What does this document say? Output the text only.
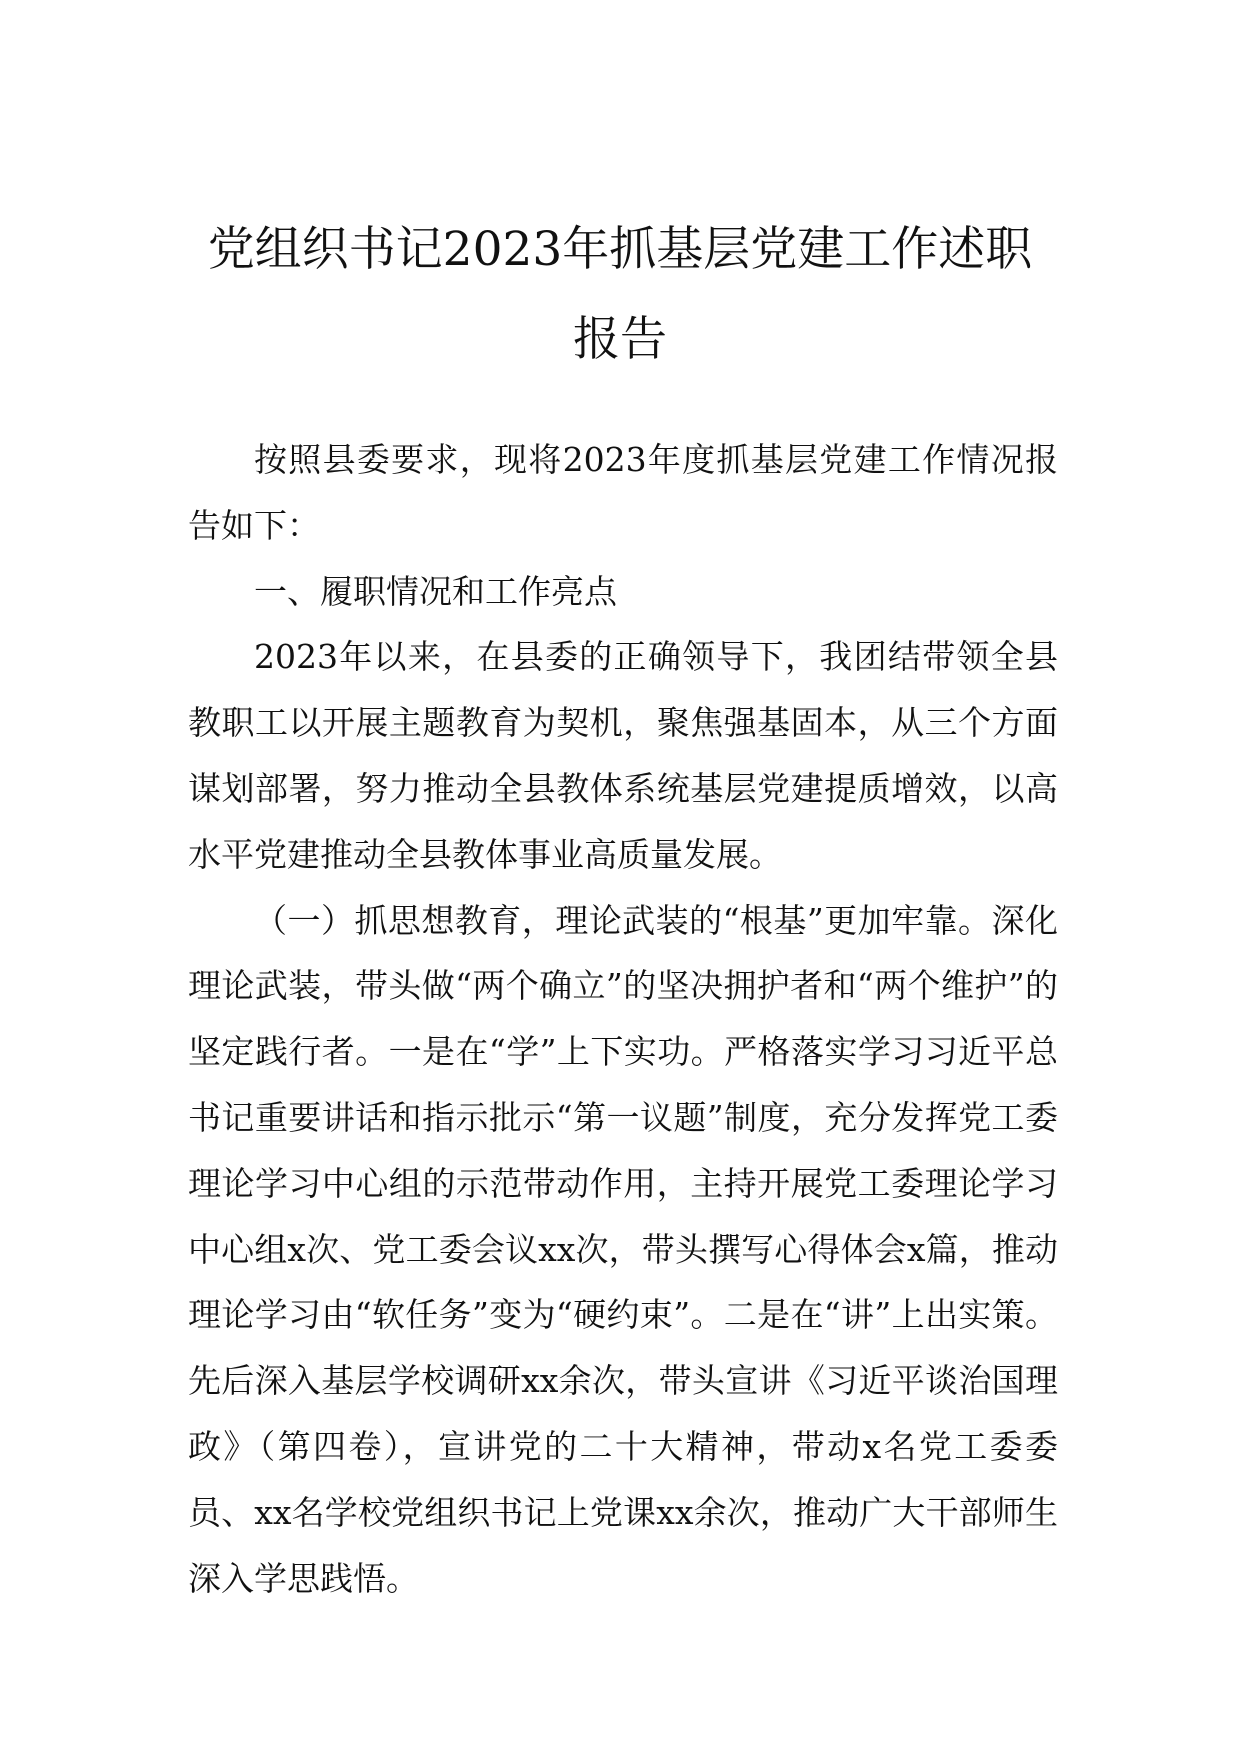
党组织书记2023年抓基层党建工作述职报告

按照县委要求，现将2023年度抓基层党建工作情况报告如下：

一、履职情况和工作亮点

2023年以来，在县委的正确领导下，我团结带领全县教职工以开展主题教育为契机，聚焦强基固本，从三个方面谋划部署，努力推动全县教体系统基层党建提质增效，以高水平党建推动全县教体事业高质量发展。

（一）抓思想教育，理论武装的“根基”更加牢靠。深化理论武装，带头做“两个确立”的坚决拥护者和“两个维护”的坚定践行者。一是在“学”上下实功。严格落实学习习近平总书记重要讲话和指示批示“第一议题”制度，充分发挥党工委理论学习中心组的示范带动作用，主持开展党工委理论学习中心组x次、党工委会议xx次，带头撰写心得体会x篇，推动理论学习由“软任务”变为“硬约束”。二是在“讲”上出实策。先后深入基层学校调研xx余次，带头宣讲《习近平谈治国理政》（第四卷），宣讲党的二十大精神，带动x名党工委委员、xx名学校党组织书记上党课xx余次，推动广大干部师生深入学思践悟。
